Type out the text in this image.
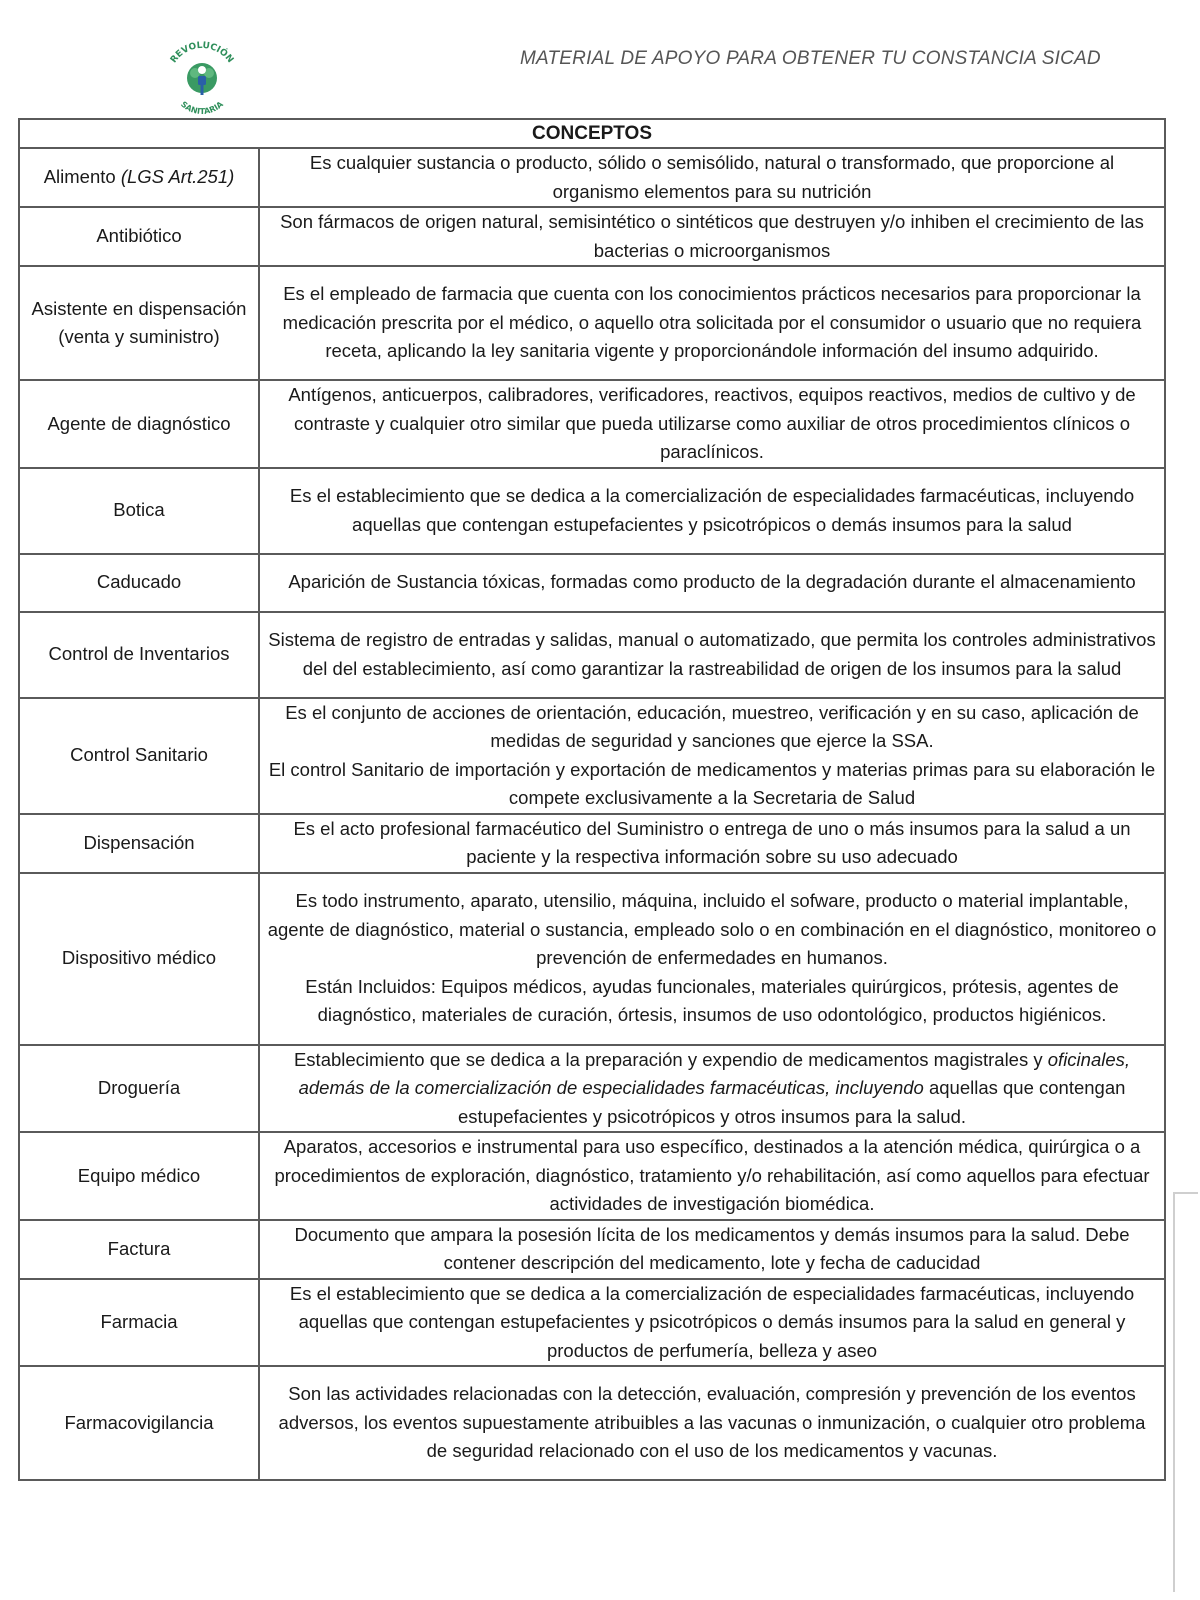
REVOLUCIÓN
SANITARIA
MATERIAL DE APOYO PARA OBTENER TU CONSTANCIA SICAD
CONCEPTOS	
Alimento (LGS Art.251)	Es cualquier sustancia o producto, sólido o semisólido, natural o transformado, que proporcione al organismo elementos para su nutrición

Antibiótico	Son fármacos de origen natural, semisintético o sintéticos que destruyen y/o inhiben el crecimiento de las bacterias o microorganismos

Asistente en dispensación (venta y suministro)	Es el empleado de farmacia que cuenta con los conocimientos prácticos necesarios para proporcionar la medicación prescrita por el médico, o aquello otra solicitada por el consumidor o usuario que no requiera receta, aplicando la ley sanitaria vigente y proporcionándole información del insumo adquirido.

Agente de diagnóstico	Antígenos, anticuerpos, calibradores, verificadores, reactivos, equipos reactivos, medios de cultivo y de contraste y cualquier otro similar que pueda utilizarse como auxiliar de otros procedimientos clínicos o paraclínicos.

Botica	Es el establecimiento que se dedica a la comercialización de especialidades farmacéuticas, incluyendo aquellas que contengan estupefacientes y psicotrópicos o demás insumos para la salud

Caducado	Aparición de Sustancia tóxicas, formadas como producto de la degradación durante el almacenamiento

Control de Inventarios	Sistema de registro de entradas y salidas, manual o automatizado, que permita los controles administrativos del del establecimiento, así como garantizar la rastreabilidad de origen de los insumos para la salud

Control Sanitario	Es el conjunto de acciones de orientación, educación, muestreo, verificación y en su caso, aplicación de medidas de seguridad y sanciones que ejerce la SSA.

El control Sanitario de importación y exportación de medicamentos y materias primas para su elaboración le compete exclusivamente a la Secretaria de Salud

Dispensación	Es el acto profesional farmacéutico del Suministro o entrega de uno o más insumos para la salud a un paciente y la respectiva información sobre su uso adecuado

Dispositivo médico	Es todo instrumento, aparato, utensilio, máquina, incluido el sofware, producto o material implantable, agente de diagnóstico, material o sustancia, empleado solo o en combinación en el diagnóstico, monitoreo o prevención de enfermedades en humanos.

Están Incluidos: Equipos médicos, ayudas funcionales, materiales quirúrgicos, prótesis, agentes de diagnóstico, materiales de curación, órtesis, insumos de uso odontológico, productos higiénicos.

Droguería	Establecimiento que se dedica a la preparación y expendio de medicamentos magistrales y oficinales, además de la comercialización de especialidades farmacéuticas, incluyendo aquellas que contengan estupefacientes y psicotrópicos y otros insumos para la salud.

Equipo médico	Aparatos, accesorios e instrumental para uso específico, destinados a la atención médica, quirúrgica o a procedimientos de exploración, diagnóstico, tratamiento y/o rehabilitación, así como aquellos para efectuar actividades de investigación biomédica.

Factura	Documento que ampara la posesión lícita de los medicamentos y demás insumos para la salud. Debe contener descripción del medicamento, lote y fecha de caducidad

Farmacia	Es el establecimiento que se dedica a la comercialización de especialidades farmacéuticas, incluyendo aquellas que contengan estupefacientes y psicotrópicos o demás insumos para la salud en general y productos de perfumería, belleza y aseo

Farmacovigilancia	Son las actividades relacionadas con la detección, evaluación, compresión y prevención de los eventos adversos, los eventos supuestamente atribuibles a las vacunas o inmunización, o cualquier otro problema de seguridad relacionado con el uso de los medicamentos y vacunas.
